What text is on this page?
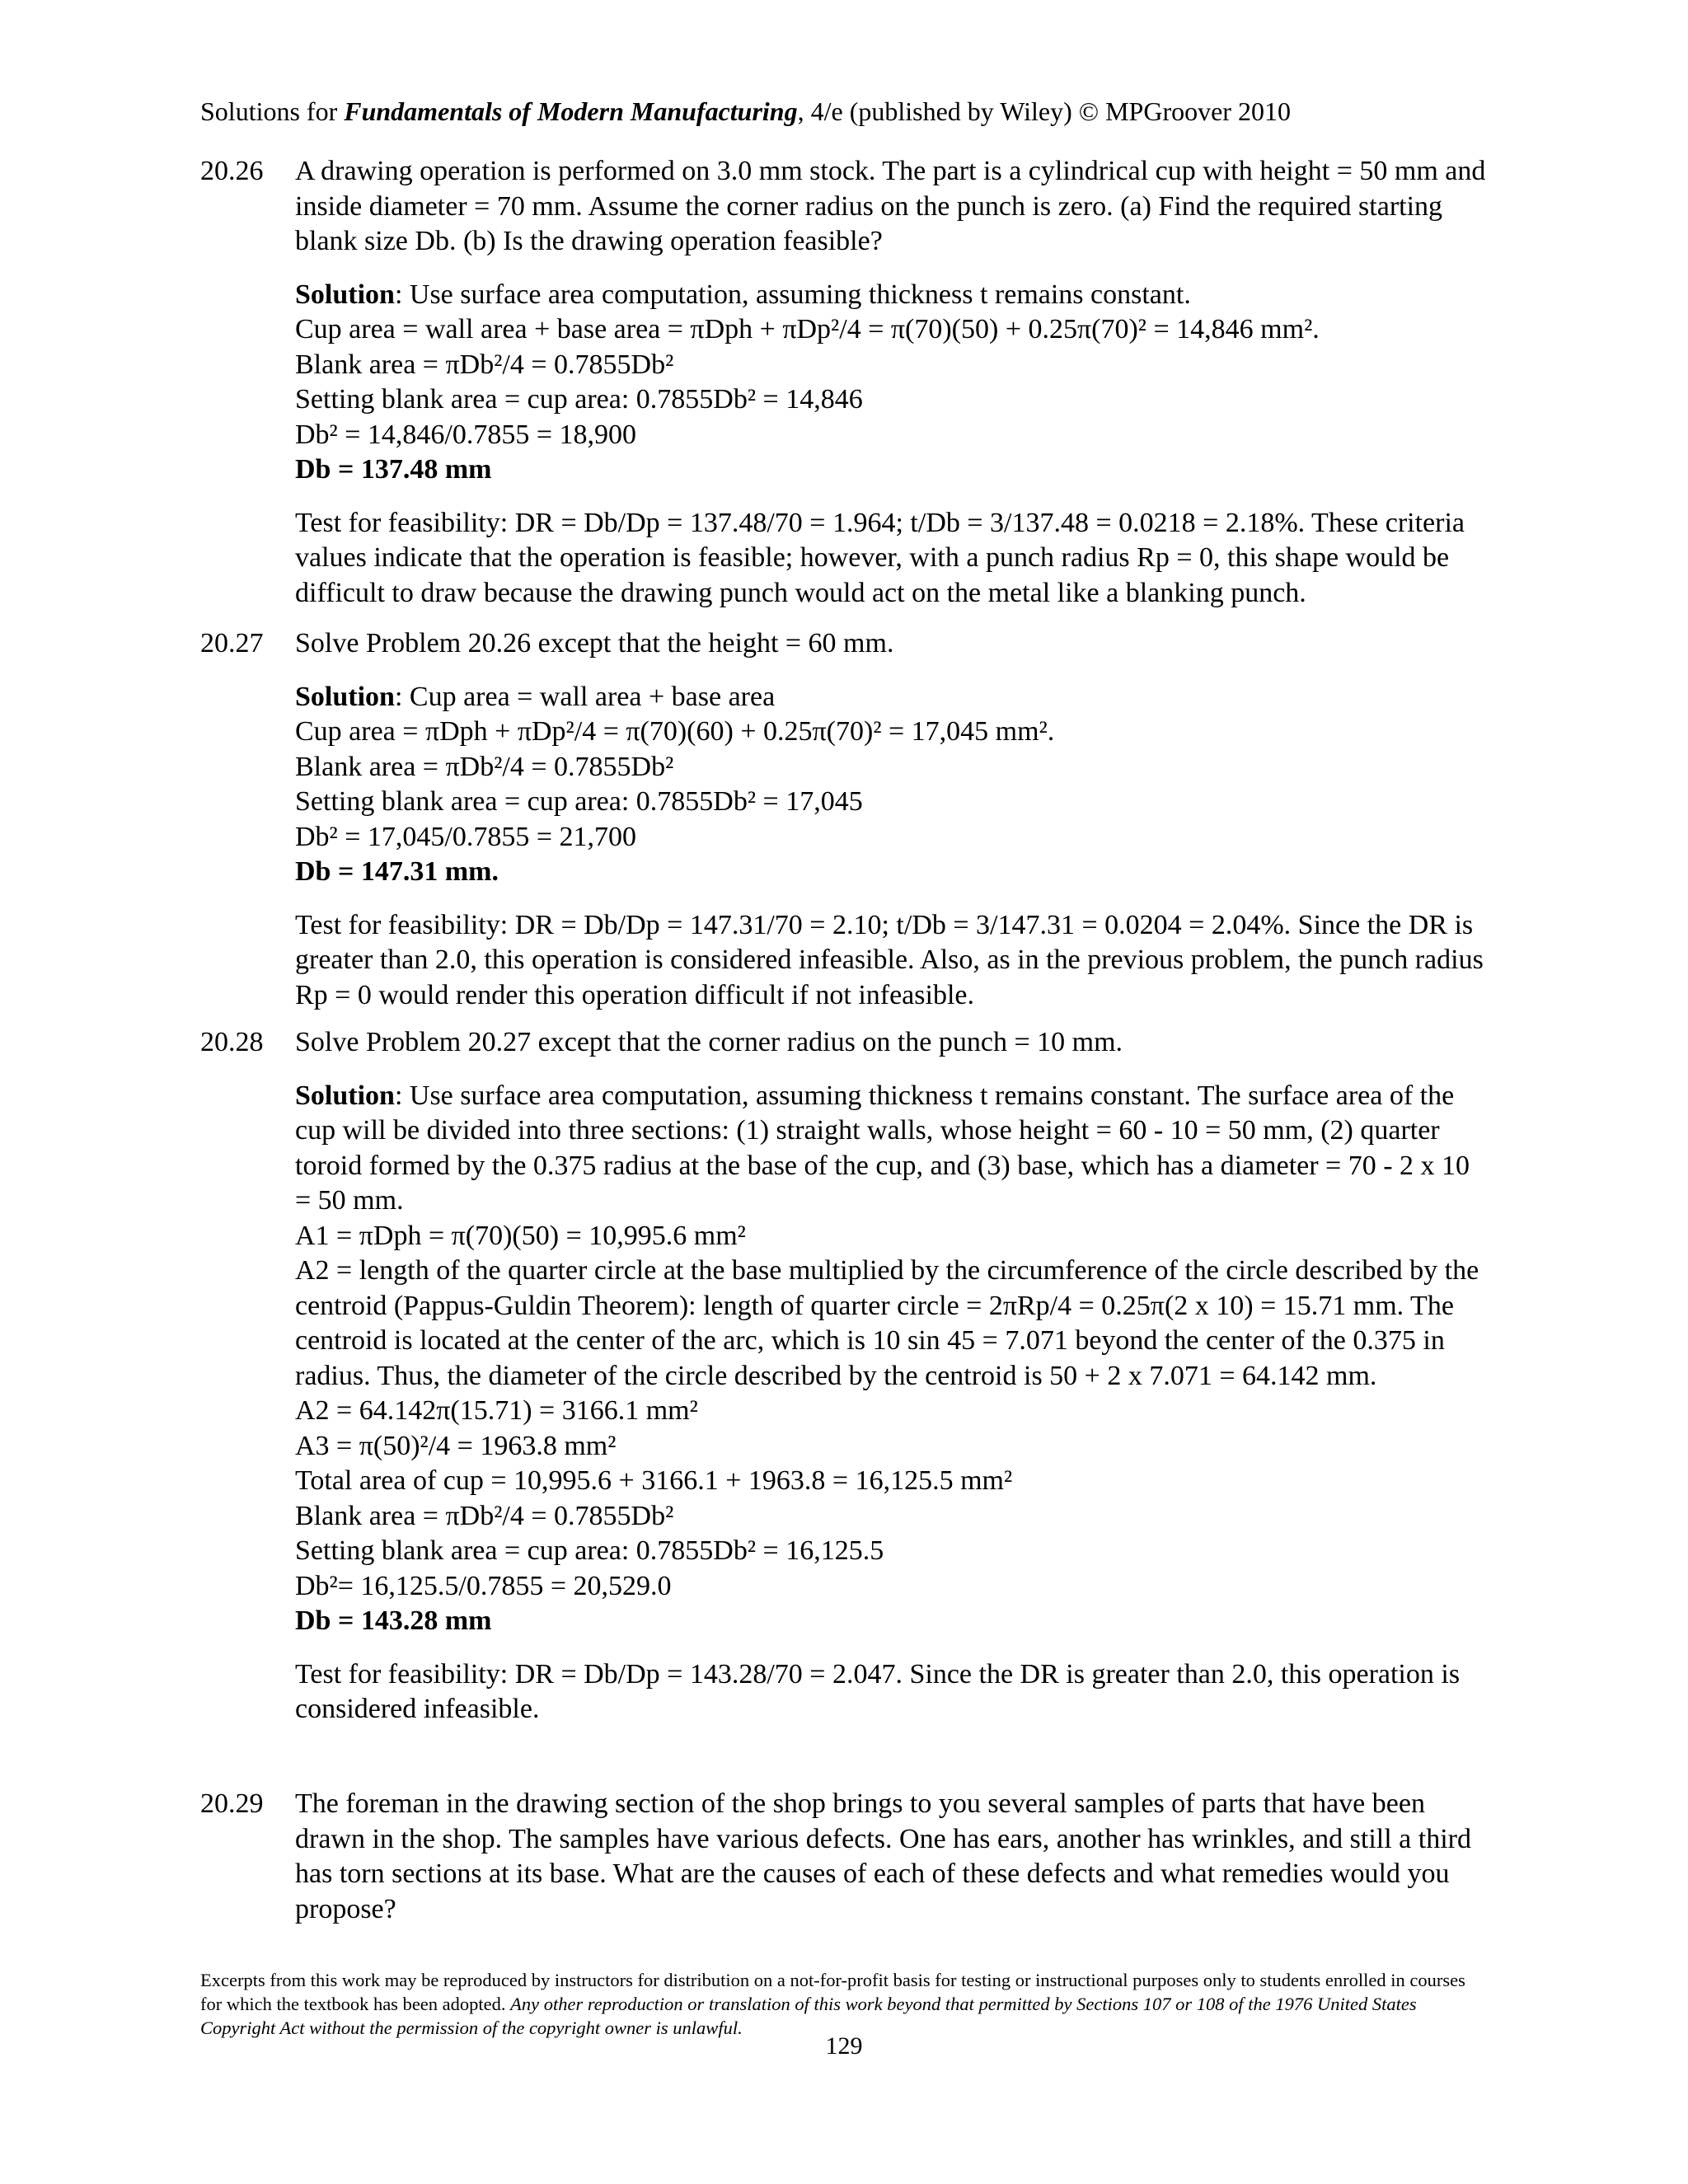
Solutions for Fundamentals of Modern Manufacturing, 4/e (published by Wiley) © MPGroover 2010
20.26 A drawing operation is performed on 3.0 mm stock. The part is a cylindrical cup with height = 50 mm and inside diameter = 70 mm. Assume the corner radius on the punch is zero. (a) Find the required starting blank size Db. (b) Is the drawing operation feasible?

Solution: Use surface area computation, assuming thickness t remains constant.

Cup area = wall area + base area = πDph + πDp²/4 = π(70)(50) + 0.25π(70)² = 14,846 mm².

Blank area = πDb²/4 = 0.7855Db²

Setting blank area = cup area: 0.7855Db² = 14,846

Db² = 14,846/0.7855 = 18,900

Db = 137.48 mm

Test for feasibility: DR = Db/Dp = 137.48/70 = 1.964; t/Db = 3/137.48 = 0.0218 = 2.18%. These criteria values indicate that the operation is feasible; however, with a punch radius Rp = 0, this shape would be difficult to draw because the drawing punch would act on the metal like a blanking punch.

20.27 Solve Problem 20.26 except that the height = 60 mm.

Solution: Cup area = wall area + base area

Cup area = πDph + πDp²/4 = π(70)(60) + 0.25π(70)² = 17,045 mm².

Blank area = πDb²/4 = 0.7855Db²

Setting blank area = cup area: 0.7855Db² = 17,045

Db² = 17,045/0.7855 = 21,700

Db = 147.31 mm.

Test for feasibility: DR = Db/Dp = 147.31/70 = 2.10; t/Db = 3/147.31 = 0.0204 = 2.04%. Since the DR is greater than 2.0, this operation is considered infeasible. Also, as in the previous problem, the punch radius Rp = 0 would render this operation difficult if not infeasible.

20.28 Solve Problem 20.27 except that the corner radius on the punch = 10 mm.

Solution: Use surface area computation, assuming thickness t remains constant. The surface area of the cup will be divided into three sections: (1) straight walls, whose height = 60 - 10 = 50 mm, (2) quarter toroid formed by the 0.375 radius at the base of the cup, and (3) base, which has a diameter = 70 - 2 x 10 = 50 mm.

A1 = πDph = π(70)(50) = 10,995.6 mm²

A2 = length of the quarter circle at the base multiplied by the circumference of the circle described by the centroid (Pappus-Guldin Theorem): length of quarter circle = 2πRp/4 = 0.25π(2 x 10) = 15.71 mm. The centroid is located at the center of the arc, which is 10 sin 45 = 7.071 beyond the center of the 0.375 in radius. Thus, the diameter of the circle described by the centroid is 50 + 2 x 7.071 = 64.142 mm.

A2 = 64.142π(15.71) = 3166.1 mm²

A3 = π(50)²/4 = 1963.8 mm²

Total area of cup = 10,995.6 + 3166.1 + 1963.8 = 16,125.5 mm²

Blank area = πDb²/4 = 0.7855Db²

Setting blank area = cup area: 0.7855Db² = 16,125.5

Db²= 16,125.5/0.7855 = 20,529.0

Db = 143.28 mm

Test for feasibility: DR = Db/Dp = 143.28/70 = 2.047. Since the DR is greater than 2.0, this operation is considered infeasible.

20.29 The foreman in the drawing section of the shop brings to you several samples of parts that have been drawn in the shop. The samples have various defects. One has ears, another has wrinkles, and still a third has torn sections at its base. What are the causes of each of these defects and what remedies would you propose?

Excerpts from this work may be reproduced by instructors for distribution on a not-for-profit basis for testing or instructional purposes only to students enrolled in courses for which the textbook has been adopted. Any other reproduction or translation of this work beyond that permitted by Sections 107 or 108 of the 1976 United States Copyright Act without the permission of the copyright owner is unlawful.

129
